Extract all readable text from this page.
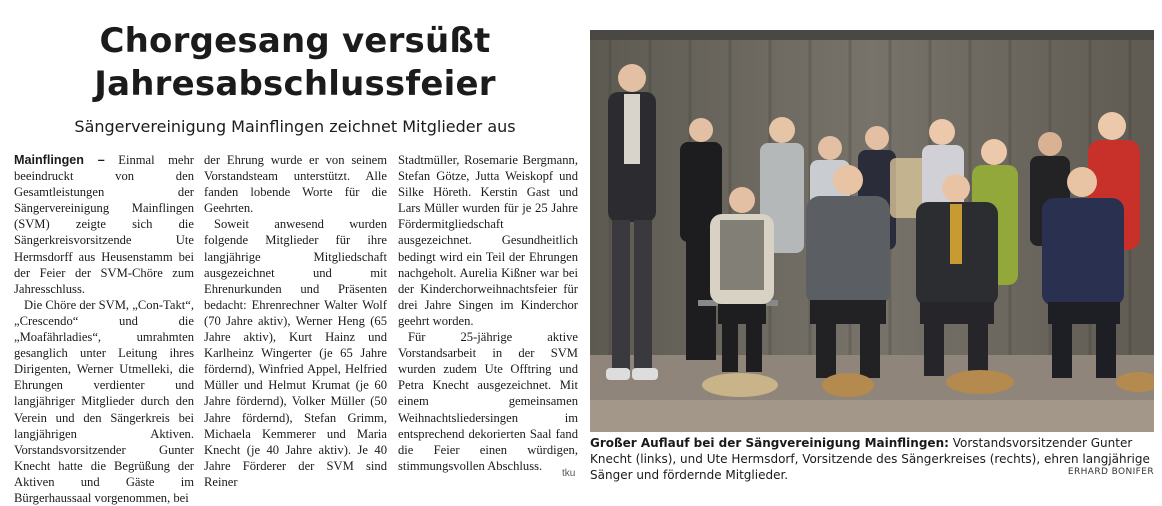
Chorgesang versüßt
Jahresabschlussfeier
Sängervereinigung Mainflingen zeichnet Mitglieder aus

Mainflingen – Einmal mehr beeindruckt von den Gesamtleistungen der Sängervereinigung Mainflingen (SVM) zeigte sich die Sängerkreisvorsitzende Ute Hermsdorff aus Heusenstamm bei der Feier der SVM-Chöre zum Jahresschluss.

Die Chöre der SVM, „Con-Takt“, „Crescendo“ und die „Moafährladies“, umrahmten gesanglich unter Leitung ihres Dirigenten, Werner Utmelleki, die Ehrungen verdienter und langjähriger Mitglieder durch den Verein und den Sängerkreis bei langjährigen Aktiven. Vorstandsvorsitzender Gunter Knecht hatte die Begrüßung der Aktiven und Gäste im Bürgerhaussaal vorgenommen, bei

der Ehrung wurde er von seinem Vorstandsteam unterstützt. Alle fanden lobende Worte für die Geehrten.

Soweit anwesend wurden folgende Mitglieder für ihre langjährige Mitgliedschaft ausgezeichnet und mit Ehrenurkunden und Präsenten bedacht: Ehrenrechner Walter Wolf (70 Jahre aktiv), Werner Heng (65 Jahre aktiv), Kurt Hainz und Karlheinz Wingerter (je 65 Jahre fördernd), Winfried Appel, Helfried Müller und Helmut Krumat (je 60 Jahre fördernd), Volker Müller (50 Jahre fördernd), Stefan Grimm, Michaela Kemmerer und Maria Knecht (je 40 Jahre aktiv). Je 40 Jahre Förderer der SVM sind Reiner

Stadtmüller, Rosemarie Bergmann, Stefan Götze, Jutta Weiskopf und Silke Höreth. Kerstin Gast und Lars Müller wurden für je 25 Jahre Fördermitgliedschaft ausgezeichnet. Gesundheitlich bedingt wird ein Teil der Ehrungen nachgeholt. Aurelia Kißner war bei der Kinderchorweihnachtsfeier für drei Jahre Singen im Kinderchor geehrt worden.

Für 25-jährige aktive Vorstandsarbeit in der SVM wurden zudem Ute Offtring und Petra Knecht ausgezeichnet. Mit einem gemeinsamen Weihnachtsliedersingen im entsprechend dekorierten Saal fand die Feier einen würdigen, stimmungsvollen Abschluss.

tku
Großer Auflauf bei der Sängvereinigung Mainflingen: Vorstandsvorsitzender Gunter Knecht (links), und Ute Hermsdorf, Vorsitzende des Sängerkreises (rechts), ehren langjährige Sänger und fördernde Mitglieder.	ERHARD BONIFER
